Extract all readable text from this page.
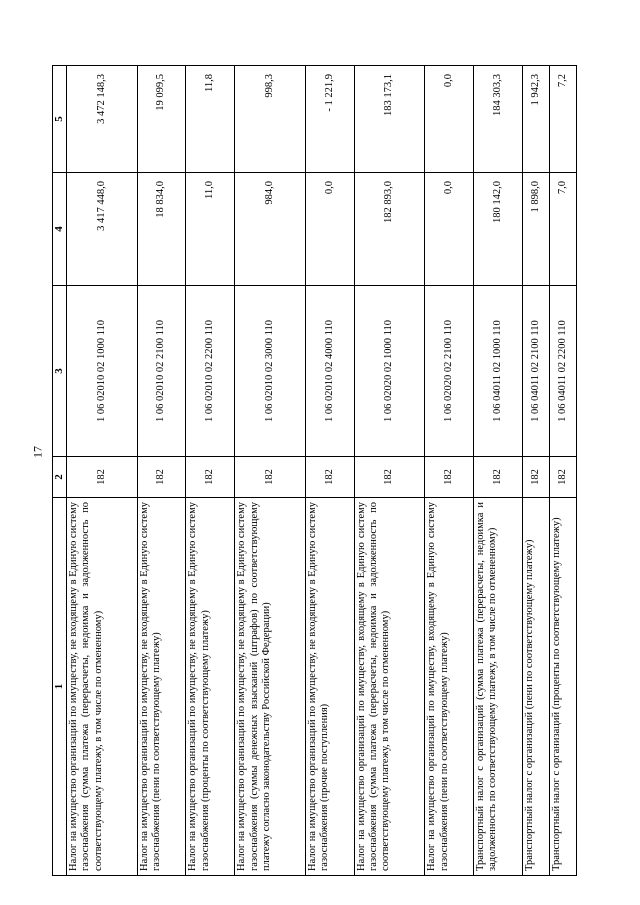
17
1	2	3	4	5
Налог на имущество организаций по имуществу, не входящему в Единую систему газоснабжения (сумма платежа (перерасчеты, недоимка и задолженность по соответствующему платежу, в том числе по отмененному)	182	1 06 02010 02 1000 110	3 417 448,0	3 472 148,3
Налог на имущество организаций по имуществу, не входящему в Единую систему газоснабжения (пени по соответствующему платежу)	182	1 06 02010 02 2100 110	18 834,0	19 099,5
Налог на имущество организаций по имуществу, не входящему в Единую систему газоснабжения (проценты по соответствующему платежу)	182	1 06 02010 02 2200 110	11,0	11,8
Налог на имущество организаций по имуществу, не входящему в Единую систему газоснабжения (суммы денежных взысканий (штрафов) по соответствующему платежу согласно законодательству Российской Федерации)	182	1 06 02010 02 3000 110	984,0	998,3
Налог на имущество организаций по имуществу, не входящему в Единую систему газоснабжения (прочие поступления)	182	1 06 02010 02 4000 110	0,0	- 1 221,9
Налог на имущество организаций по имуществу, входящему в Единую систему газоснабжения (сумма платежа (перерасчеты, недоимка и задолженность по соответствующему платежу, в том числе по отмененному)	182	1 06 02020 02 1000 110	182 893,0	183 173,1
Налог на имущество организаций по имуществу, входящему в Единую систему газоснабжения (пени по соответствующему платежу)	182	1 06 02020 02 2100 110	0,0	0,0
Транспортный налог с организаций (сумма платежа (перерасчеты, недоимка и задолженность по соответствующему платежу, в том числе по отмененному)	182	1 06 04011 02 1000 110	180 142,0	184 303,3
Транспортный налог с организаций (пени по соответствующему платежу)	182	1 06 04011 02 2100 110	1 898,0	1 942,3
Транспортный налог с организаций (проценты по соответствующему платежу)	182	1 06 04011 02 2200 110	7,0	7,2
